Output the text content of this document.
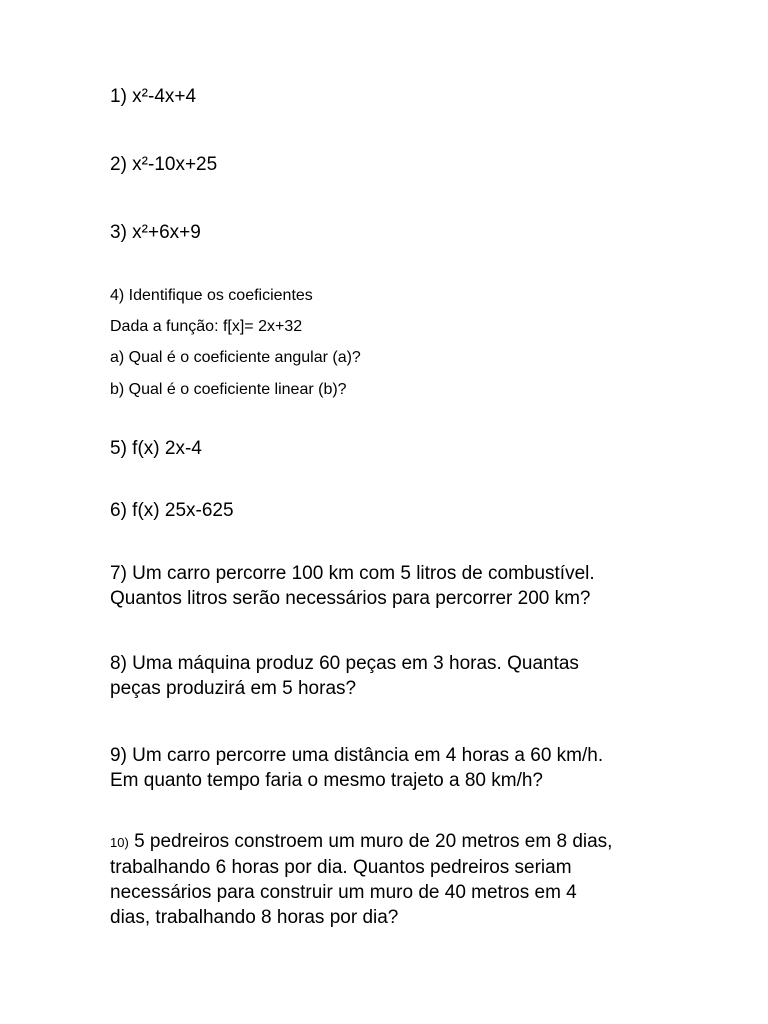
1) x²-4x+4
2) x²-10x+25
3) x²+6x+9
4) Identifique os coeficientes
Dada a função: f[x]= 2x+32
a) Qual é o coeficiente angular (a)?
b) Qual é o coeficiente linear (b)?
5) f(x) 2x-4
6) f(x) 25x-625

7) Um carro percorre 100 km com 5 litros de combustível.

Quantos litros serão necessários para percorrer 200 km?

8) Uma máquina produz 60 peças em 3 horas. Quantas

peças produzirá em 5 horas?

9) Um carro percorre uma distância em 4 horas a 60 km/h.

Em quanto tempo faria o mesmo trajeto a 80 km/h?

10) 5 pedreiros constroem um muro de 20 metros em 8 dias,

trabalhando 6 horas por dia. Quantos pedreiros seriam

necessários para construir um muro de 40 metros em 4

dias, trabalhando 8 horas por dia?
